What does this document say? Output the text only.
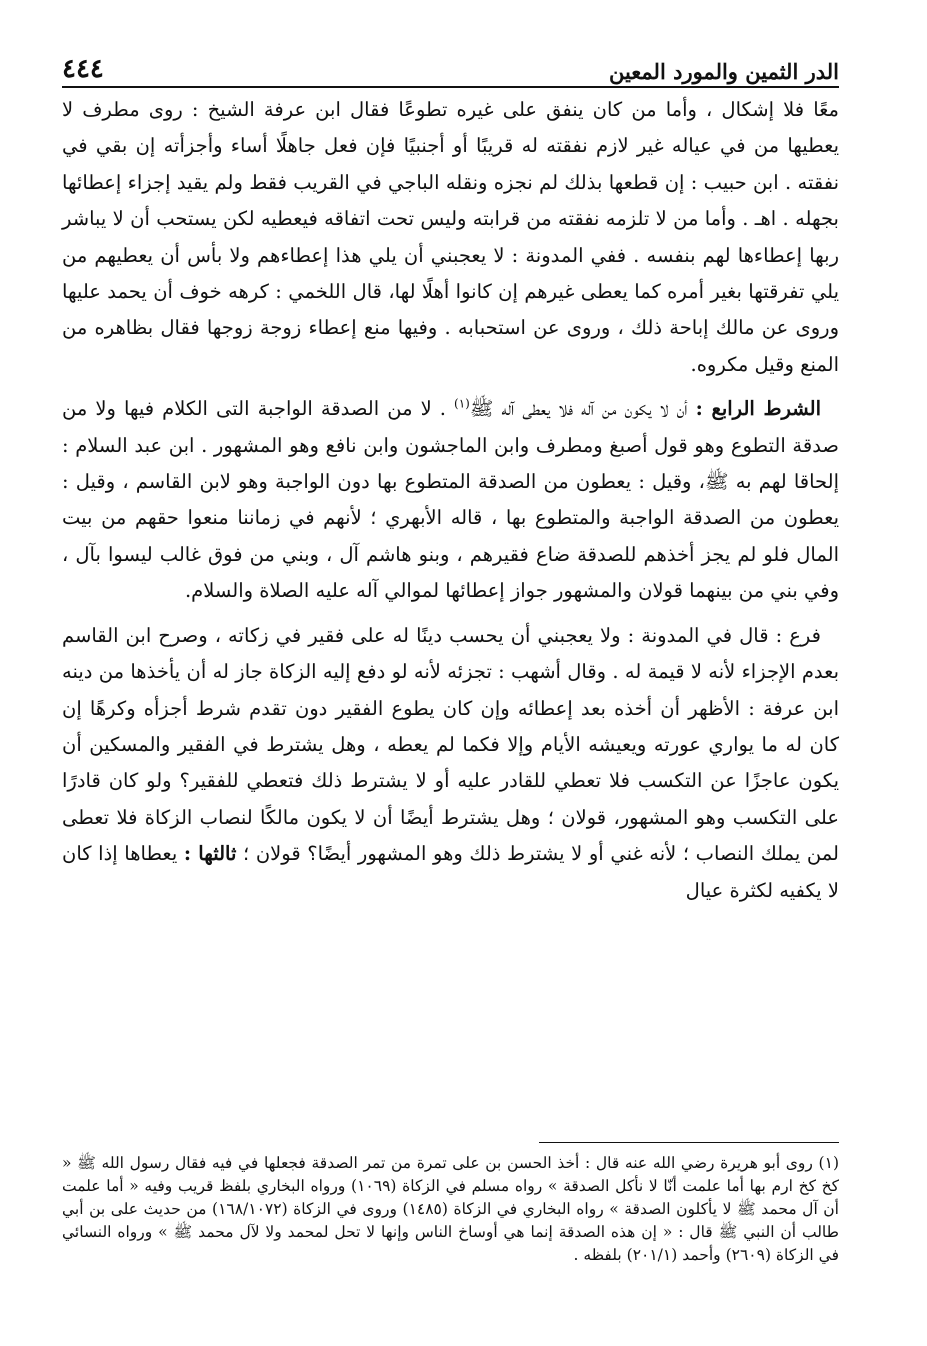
الدر الثمين والمورد المعين
٤٤٤

معًا فلا إشكال ، وأما من كان ينفق على غيره تطوعًا فقال ابن عرفة الشيخ : روى مطرف لا يعطيها من في عياله غير لازم نفقته له قريبًا أو أجنبيًا فإن فعل جاهلًا أساء وأجزأته إن بقي في نفقته . ابن حبيب : إن قطعها بذلك لم نجزه ونقله الباجي في القريب فقط ولم يقيد إجزاء إعطائها بجهله . اهـ . وأما من لا تلزمه نفقته من قرابته وليس تحت اتفاقه فيعطيه لكن يستحب أن لا يباشر ربها إعطاءها لهم بنفسه . ففي المدونة : لا يعجبني أن يلي هذا إعطاءهم ولا بأس أن يعطيهم من يلي تفرقتها بغير أمره كما يعطى غيرهم إن كانوا أهلًا لها، قال اللخمي : كرهه خوف أن يحمد عليها وروى عن مالك إباحة ذلك ، وروى عن استحبابه . وفيها منع إعطاء زوجة زوجها فقال بظاهره من المنع وقيل مكروه.

الشرط الرابع : أن لا يكون من آله فلا يعطى آله ﷺ$^{(١)}$ . لا من الصدقة الواجبة التى الكلام فيها ولا من صدقة التطوع وهو قول أصبغ ومطرف وابن الماجشون وابن نافع وهو المشهور . ابن عبد السلام : إلحاقا لهم به ﷺ، وقيل : يعطون من الصدقة المتطوع بها دون الواجبة وهو لابن القاسم ، وقيل : يعطون من الصدقة الواجبة والمتطوع بها ، قاله الأبهري ؛ لأنهم في زماننا منعوا حقهم من بيت المال فلو لم يجز أخذهم للصدقة ضاع فقيرهم ، وبنو هاشم آل ، وبني من فوق غالب ليسوا بآل ، وفي بني من بينهما قولان والمشهور جواز إعطائها لموالي آله عليه الصلاة والسلام.

فرع : قال في المدونة : ولا يعجبني أن يحسب دينًا له على فقير في زكاته ، وصرح ابن القاسم بعدم الإجزاء لأنه لا قيمة له . وقال أشهب : تجزئه لأنه لو دفع إليه الزكاة جاز له أن يأخذها من دينه ابن عرفة : الأظهر أن أخذه بعد إعطائه وإن كان يطوع الفقير دون تقدم شرط أجزأه وكرهًا إن كان له ما يواري عورته ويعيشه الأيام وإلا فكما لم يعطه ، وهل يشترط في الفقير والمسكين أن يكون عاجزًا عن التكسب فلا تعطي للقادر عليه أو لا يشترط ذلك فتعطي للفقير؟ ولو كان قادرًا على التكسب وهو المشهور، قولان ؛ وهل يشترط أيضًا أن لا يكون مالكًا لنصاب الزكاة فلا تعطى لمن يملك النصاب ؛ لأنه غني أو لا يشترط ذلك وهو المشهور أيضًا؟ قولان ؛ ثالثها : يعطاها إذا كان لا يكفيه لكثرة عيال

(١) روى أبو هريرة رضي الله عنه قال : أخذ الحسن بن على تمرة من تمر الصدقة فجعلها في فيه فقال رسول الله ﷺ « كخ كخ ارم بها أما علمت أنّا لا نأكل الصدقة » رواه مسلم في الزكاة (١٠٦٩) ورواه البخاري بلفظ قريب وفيه « أما علمت أن آل محمد ﷺ لا يأكلون الصدقة » رواه البخاري في الزكاة (١٤٨٥) وروى في الزكاة (١٦٨/١٠٧٢) من حديث على بن أبي طالب أن النبي ﷺ قال : « إن هذه الصدقة إنما هي أوساخ الناس وإنها لا تحل لمحمد ولا لآل محمد ﷺ » ورواه النسائي في الزكاة (٢٦٠٩) وأحمد (٢٠١/١) بلفظه .
